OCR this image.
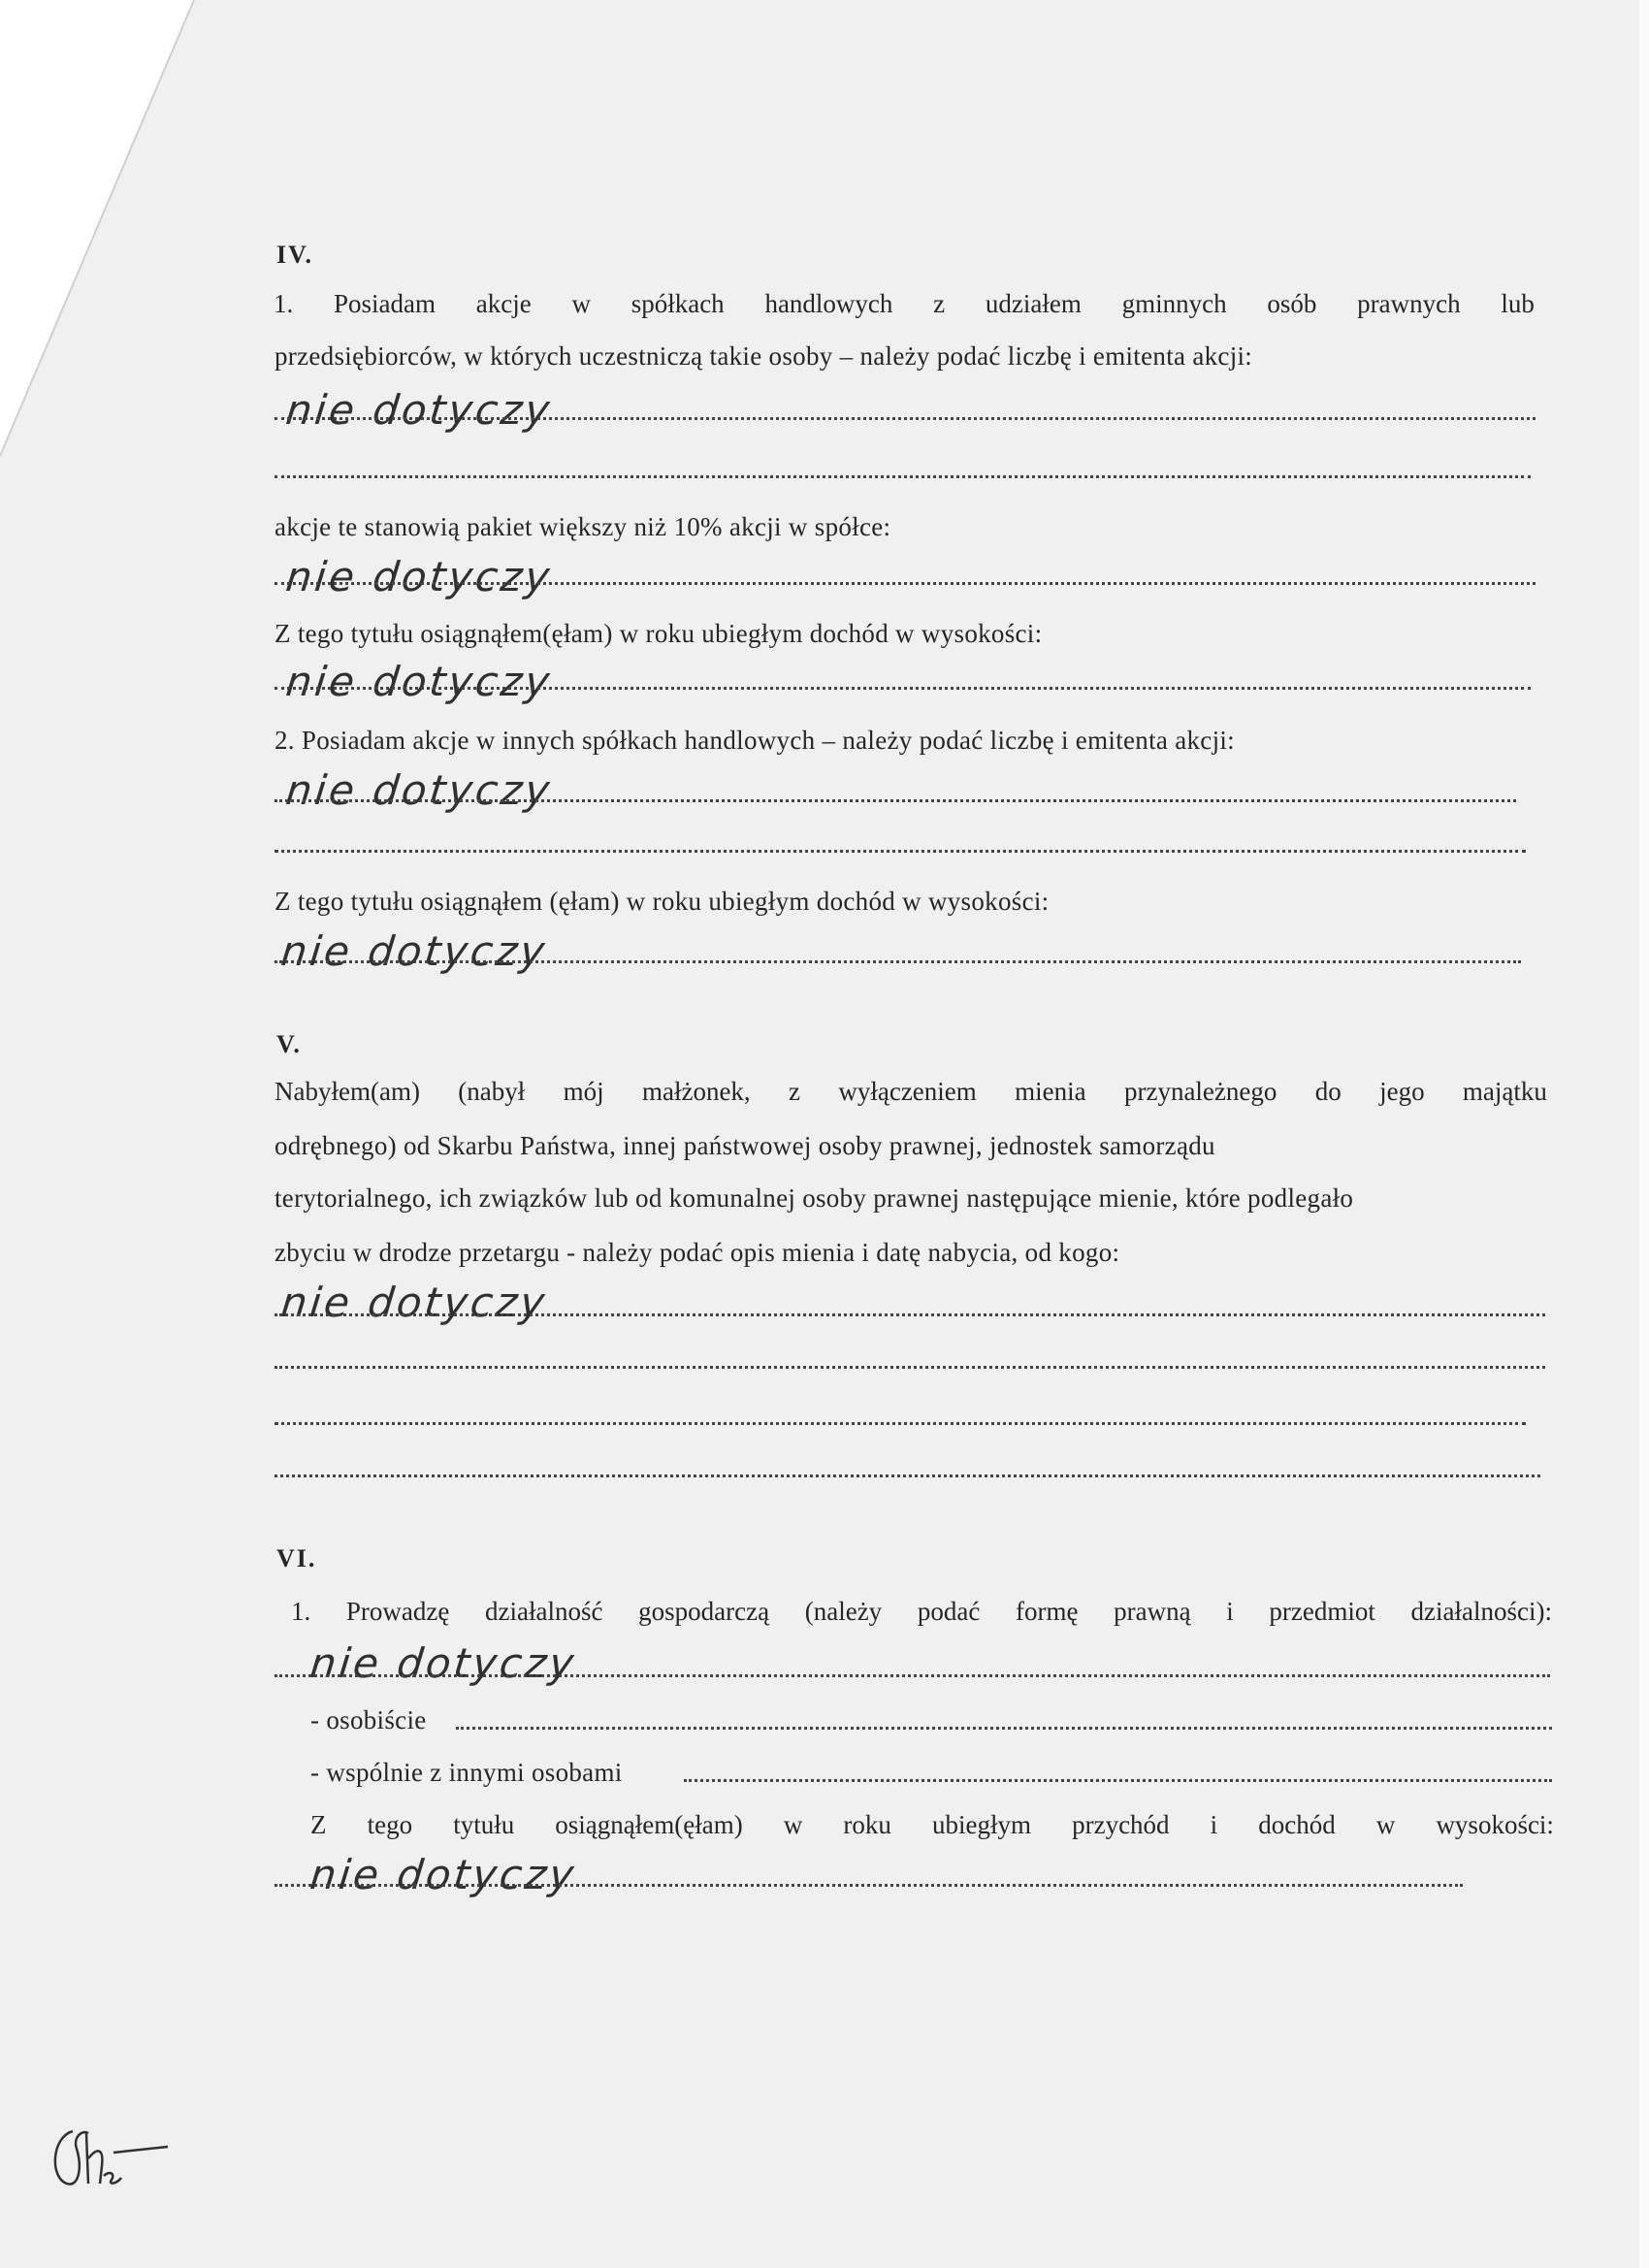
IV.
1. Posiadam akcje w spółkach handlowych z udziałem gminnych osób prawnych lub
przedsiębiorców, w których uczestniczą takie osoby – należy podać liczbę i emitenta akcji:
nie dotyczy
akcje te stanowią pakiet większy niż 10% akcji w spółce:
nie dotyczy
Z tego tytułu osiągnąłem(ęłam) w roku ubiegłym dochód w wysokości:
nie dotyczy
2. Posiadam akcje w innych spółkach handlowych – należy podać liczbę i emitenta akcji:
nie dotyczy
Z tego tytułu osiągnąłem (ęłam) w roku ubiegłym dochód w wysokości:
nie dotyczy
V.
Nabyłem(am) (nabył mój małżonek, z wyłączeniem mienia przynależnego do jego majątku
odrębnego) od Skarbu Państwa, innej państwowej osoby prawnej, jednostek samorządu
terytorialnego, ich związków lub od komunalnej osoby prawnej następujące mienie, które podlegało
zbyciu w drodze przetargu - należy podać opis mienia i datę nabycia, od kogo:
nie dotyczy
VI.
1. Prowadzę działalność gospodarczą (należy podać formę prawną i przedmiot działalności):
nie dotyczy
- osobiście
- wspólnie z innymi osobami
Z tego tytułu osiągnąłem(ęłam) w roku ubiegłym przychód i dochód w wysokości:
nie dotyczy
